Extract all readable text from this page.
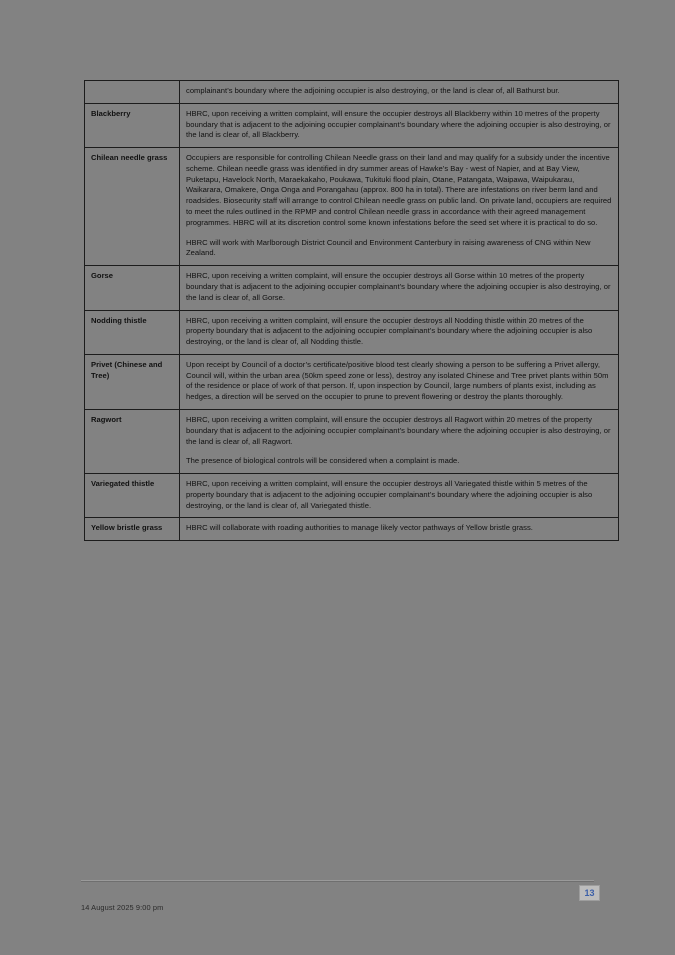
	complainant’s boundary where the adjoining occupier is also destroying, or the land is clear of, all Bathurst bur.

Blackberry	HBRC, upon receiving a written complaint, will ensure the occupier destroys all Blackberry within 10 metres of the property boundary that is adjacent to the adjoining occupier complainant’s boundary where the adjoining occupier is also destroying, or the land is clear of, all Blackberry.

Chilean needle grass	Occupiers are responsible for controlling Chilean Needle grass on their land and may qualify for a subsidy under the incentive scheme. Chilean needle grass was identified in dry summer areas of Hawke’s Bay - west of Napier, and at Bay View, Puketapu, Havelock North, Maraekakaho, Poukawa, Tukituki flood plain, Otane, Patangata, Waipawa, Waipukarau, Waikarara, Omakere, Onga Onga and Porangahau (approx. 800 ha in total). There are infestations on river berm land and roadsides. Biosecurity staff will arrange to control Chilean needle grass on public land. On private land, occupiers are required to meet the rules outlined in the RPMP and control Chilean needle grass in accordance with their agreed management programmes. HBRC will at its discretion control some known infestations before the seed set where it is practical to do so.

HBRC will work with Marlborough District Council and Environment Canterbury in raising awareness of CNG within New Zealand.

Gorse	HBRC, upon receiving a written complaint, will ensure the occupier destroys all Gorse within 10 metres of the property boundary that is adjacent to the adjoining occupier complainant’s boundary where the adjoining occupier is also destroying, or the land is clear of, all Gorse.

Nodding thistle	HBRC, upon receiving a written complaint, will ensure the occupier destroys all Nodding thistle within 20 metres of the property boundary that is adjacent to the adjoining occupier complainant’s boundary where the adjoining occupier is also destroying, or the land is clear of, all Nodding thistle.

Privet (Chinese and Tree)	Upon receipt by Council of a doctor’s certificate/positive blood test clearly showing a person to be suffering a Privet allergy, Council will, within the urban area (50km speed zone or less), destroy any isolated Chinese and Tree privet plants within 50m of the residence or place of work of that person. If, upon inspection by Council, large numbers of plants exist, including as hedges, a direction will be served on the occupier to prune to prevent flowering or destroy the plants thoroughly.

Ragwort	HBRC, upon receiving a written complaint, will ensure the occupier destroys all Ragwort within 20 metres of the property boundary that is adjacent to the adjoining occupier complainant’s boundary where the adjoining occupier is also destroying, or the land is clear of, all Ragwort.

The presence of biological controls will be considered when a complaint is made.

Variegated thistle	HBRC, upon receiving a written complaint, will ensure the occupier destroys all Variegated thistle within 5 metres of the property boundary that is adjacent to the adjoining occupier complainant’s boundary where the adjoining occupier is also destroying, or the land is clear of, all Variegated thistle.

Yellow bristle grass	HBRC will collaborate with roading authorities to manage likely vector pathways of Yellow bristle grass.

13
14 August 2025 9:00 pm
